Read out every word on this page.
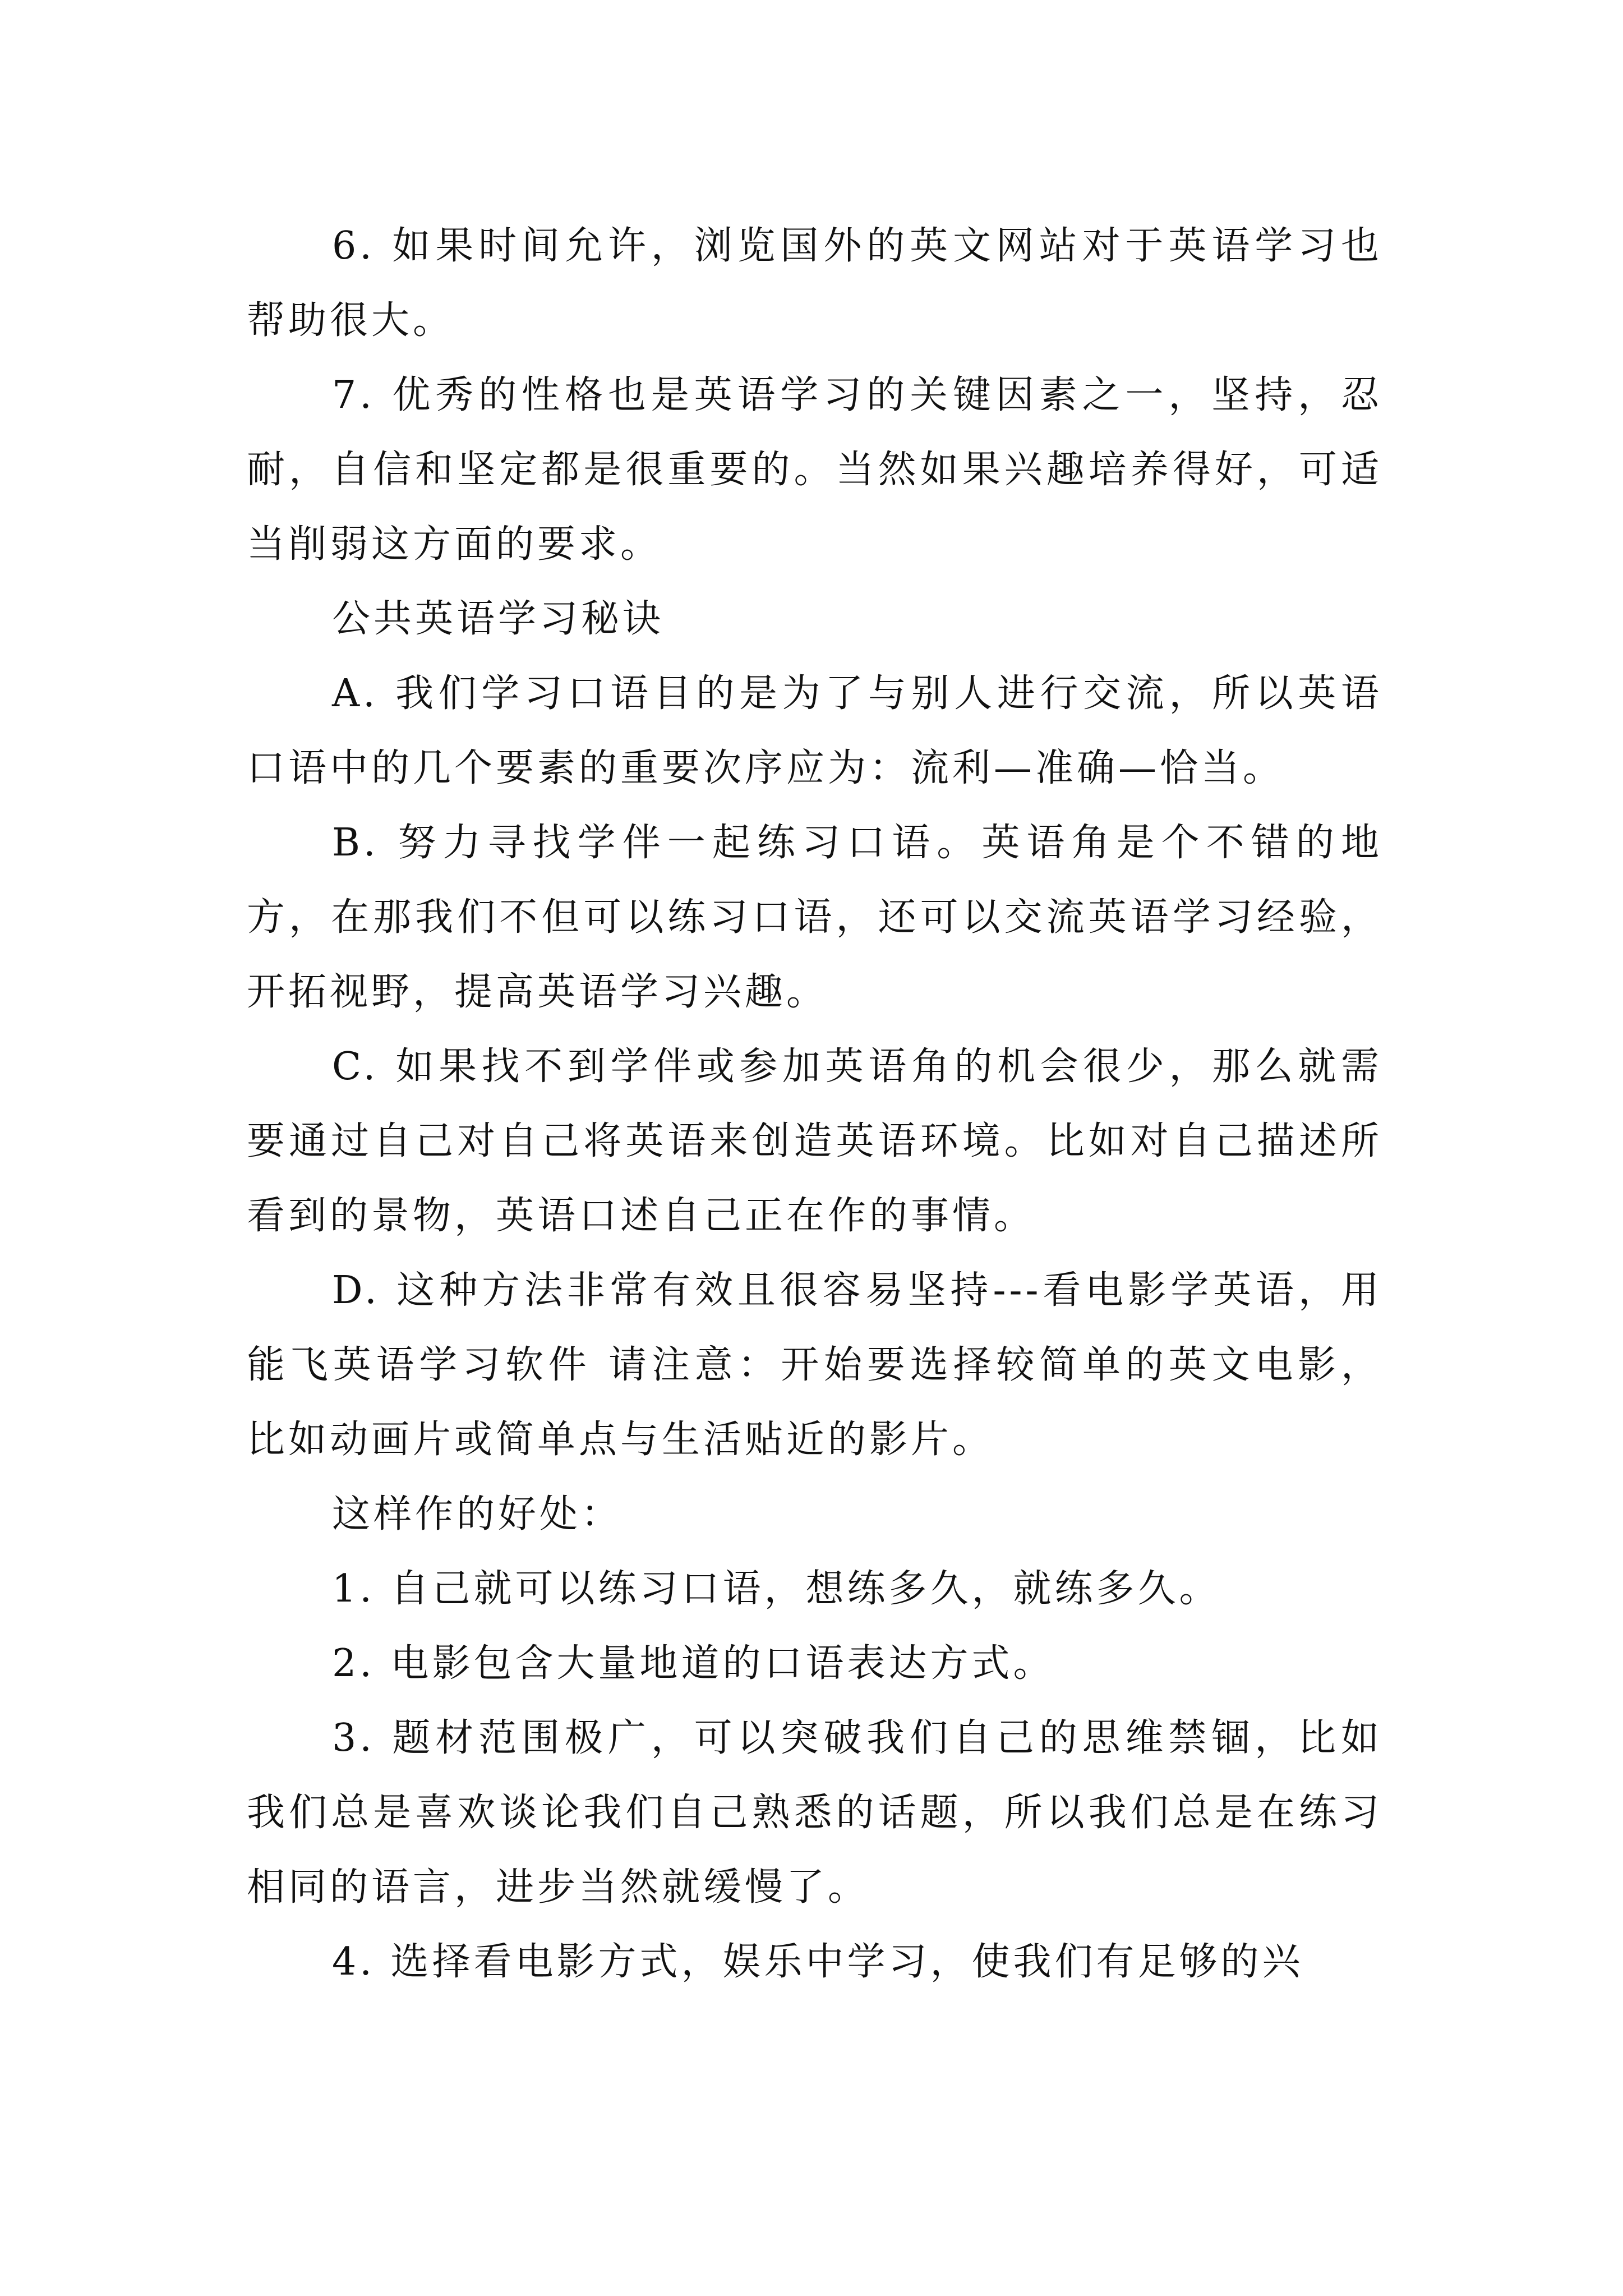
6. 如果时间允许，浏览国外的英文网站对于英语学习也帮助很大。

7. 优秀的性格也是英语学习的关键因素之一，坚持，忍耐，自信和坚定都是很重要的。当然如果兴趣培养得好，可适当削弱这方面的要求。

公共英语学习秘诀

A. 我们学习口语目的是为了与别人进行交流，所以英语口语中的几个要素的重要次序应为：流利—准确—恰当。

B. 努力寻找学伴一起练习口语。英语角是个不错的地方，在那我们不但可以练习口语，还可以交流英语学习经验，开拓视野，提高英语学习兴趣。

C. 如果找不到学伴或参加英语角的机会很少，那么就需要通过自己对自己将英语来创造英语环境。比如对自己描述所看到的景物，英语口述自己正在作的事情。

D. 这种方法非常有效且很容易坚持---看电影学英语，用能飞英语学习软件 请注意：开始要选择较简单的英文电影，比如动画片或简单点与生活贴近的影片。

这样作的好处：

1. 自己就可以练习口语，想练多久，就练多久。

2. 电影包含大量地道的口语表达方式。

3. 题材范围极广，可以突破我们自己的思维禁锢，比如我们总是喜欢谈论我们自己熟悉的话题，所以我们总是在练习相同的语言，进步当然就缓慢了。

4. 选择看电影方式，娱乐中学习，使我们有足够的兴
